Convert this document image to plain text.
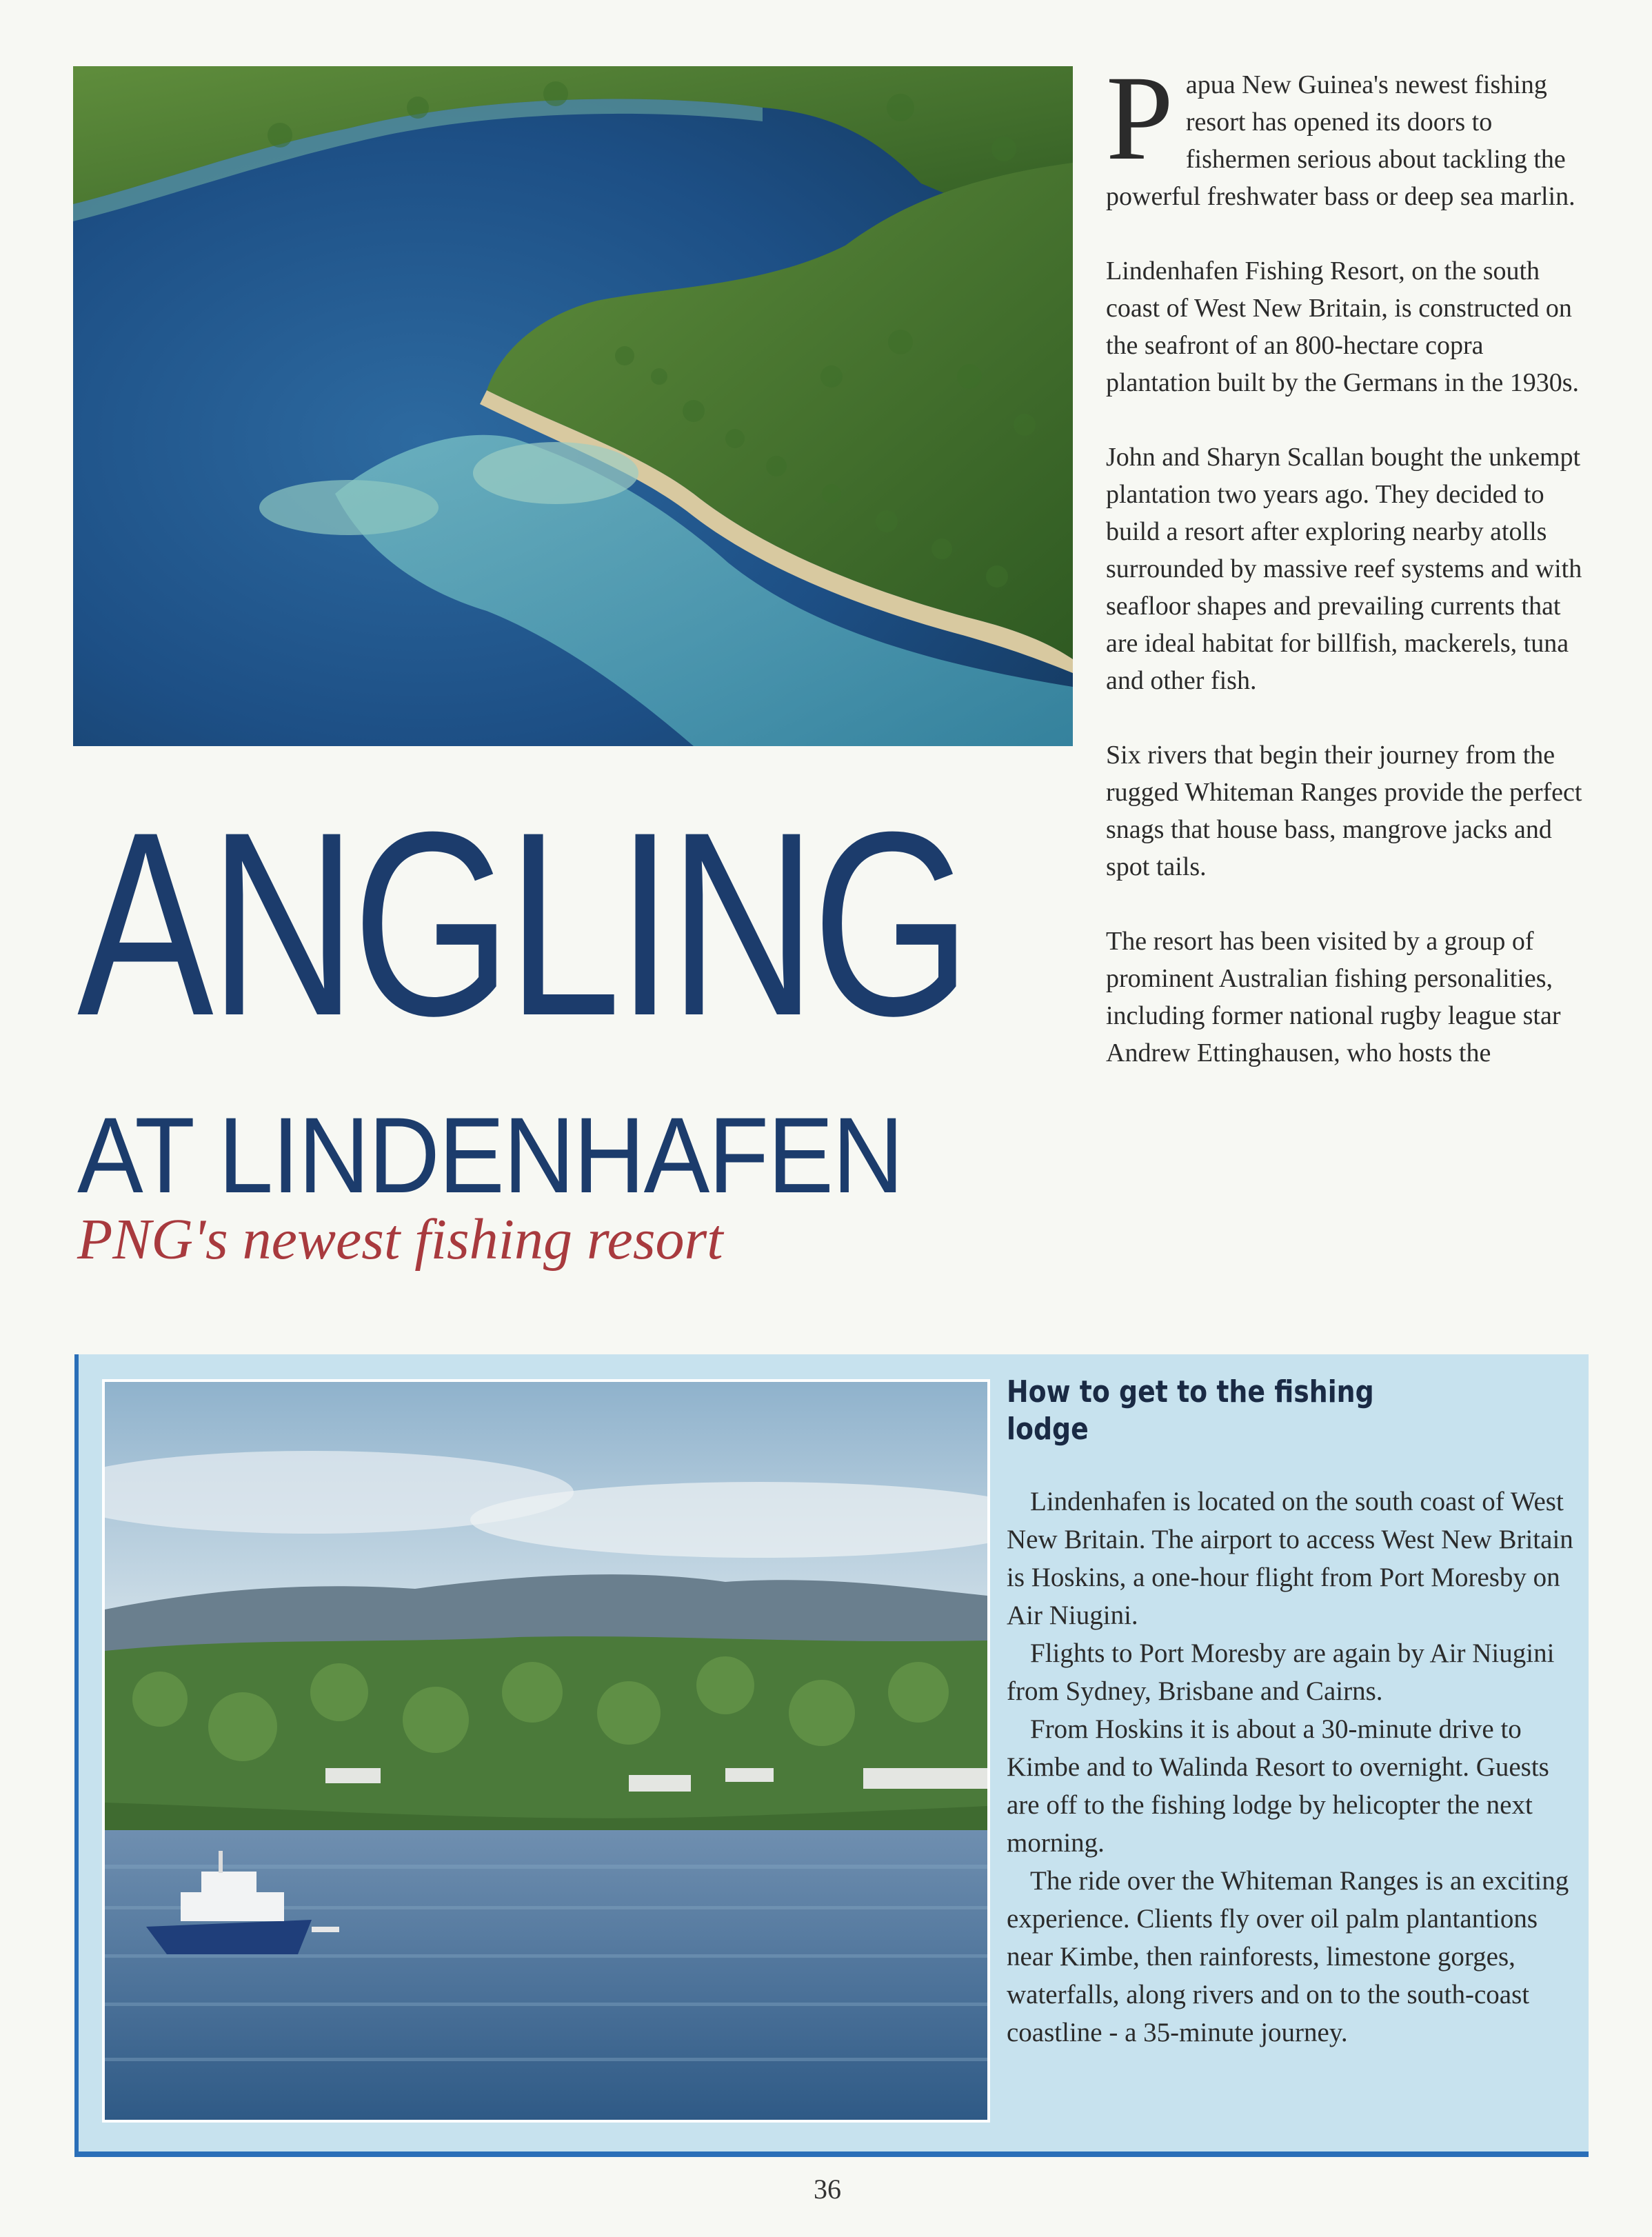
Papua New Guinea's newest fishing resort has opened its doors to fishermen serious about tackling the powerful freshwater bass or deep sea marlin.

Lindenhafen Fishing Resort, on the south coast of West New Britain, is constructed on the seafront of an 800-hectare copra plantation built by the Germans in the 1930s.

John and Sharyn Scallan bought the unkempt plantation two years ago. They decided to build a resort after exploring nearby atolls surrounded by massive reef systems and with seafloor shapes and prevailing currents that are ideal habitat for billfish, mackerels, tuna and other fish.

Six rivers that begin their journey from the rugged Whiteman Ranges provide the perfect snags that house bass, mangrove jacks and spot tails.

The resort has been visited by a group of prominent Australian fishing personalities, including former national rugby league star Andrew Ettinghausen, who hosts the

ANGLING
AT LINDENHAFEN
PNG's newest fishing resort
How to get to the fishing lodge

Lindenhafen is located on the south coast of West New Britain. The airport to access West New Britain is Hoskins, a one-hour flight from Port Moresby on Air Niugini.

Flights to Port Moresby are again by Air Niugini from Sydney, Brisbane and Cairns.

From Hoskins it is about a 30-minute drive to Kimbe and to Walinda Resort to overnight. Guests are off to the fishing lodge by helicopter the next morning.

The ride over the Whiteman Ranges is an exciting experience. Clients fly over oil palm plantantions near Kimbe, then rainforests, limestone gorges, waterfalls, along rivers and on to the south-coast coastline - a 35-minute journey.

36
